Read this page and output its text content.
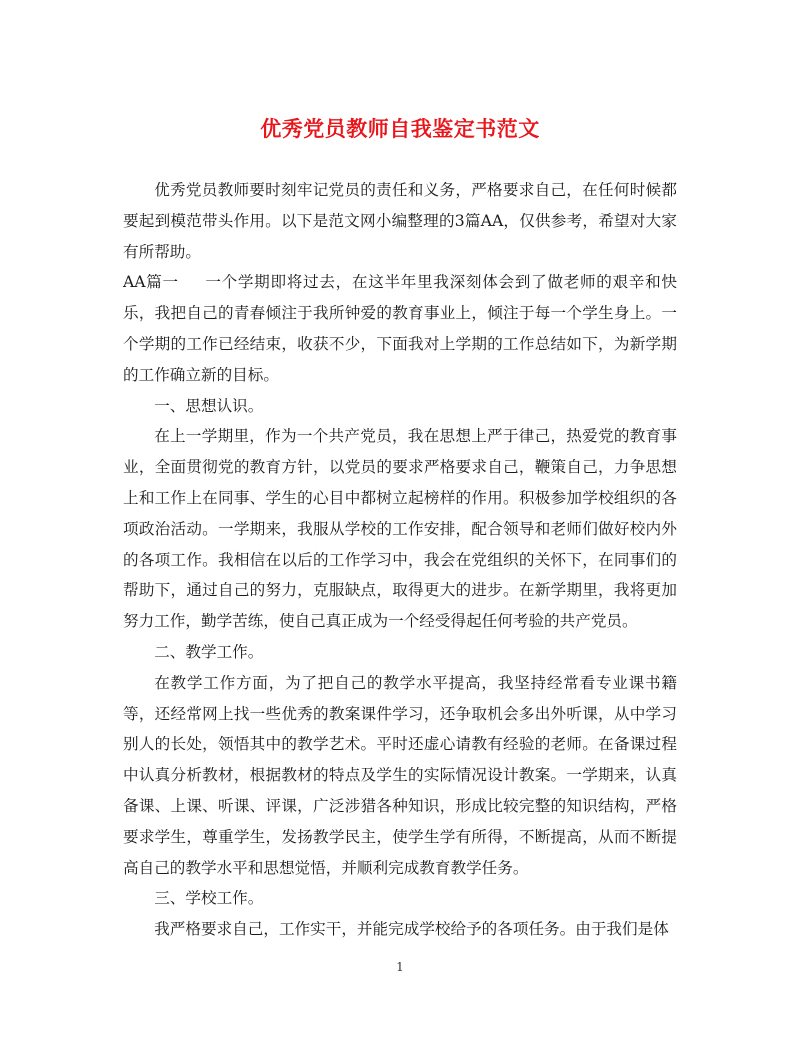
优秀党员教师自我鉴定书范文

优秀党员教师要时刻牢记党员的责任和义务，严格要求自己，在任何时候都要起到模范带头作用。以下是范文网小编整理的3篇AA，仅供参考，希望对大家有所帮助。

AA篇一 一个学期即将过去，在这半年里我深刻体会到了做老师的艰辛和快乐，我把自己的青春倾注于我所钟爱的教育事业上，倾注于每一个学生身上。一个学期的工作已经结束，收获不少，下面我对上学期的工作总结如下，为新学期的工作确立新的目标。

一、思想认识。

在上一学期里，作为一个共产党员，我在思想上严于律己，热爱党的教育事业，全面贯彻党的教育方针，以党员的要求严格要求自己，鞭策自己，力争思想上和工作上在同事、学生的心目中都树立起榜样的作用。积极参加学校组织的各项政治活动。一学期来，我服从学校的工作安排，配合领导和老师们做好校内外的各项工作。我相信在以后的工作学习中，我会在党组织的关怀下，在同事们的帮助下，通过自己的努力，克服缺点，取得更大的进步。在新学期里，我将更加努力工作，勤学苦练，使自己真正成为一个经受得起任何考验的共产党员。

二、教学工作。

在教学工作方面，为了把自己的教学水平提高，我坚持经常看专业课书籍等，还经常网上找一些优秀的教案课件学习，还争取机会多出外听课，从中学习别人的长处，领悟其中的教学艺术。平时还虚心请教有经验的老师。在备课过程中认真分析教材，根据教材的特点及学生的实际情况设计教案。一学期来，认真备课、上课、听课、评课，广泛涉猎各种知识，形成比较完整的知识结构，严格要求学生，尊重学生，发扬教学民主，使学生学有所得，不断提高，从而不断提高自己的教学水平和思想觉悟，并顺利完成教育教学任务。

三、学校工作。

我严格要求自己，工作实干，并能完成学校给予的各项任务。由于我们是体

1
